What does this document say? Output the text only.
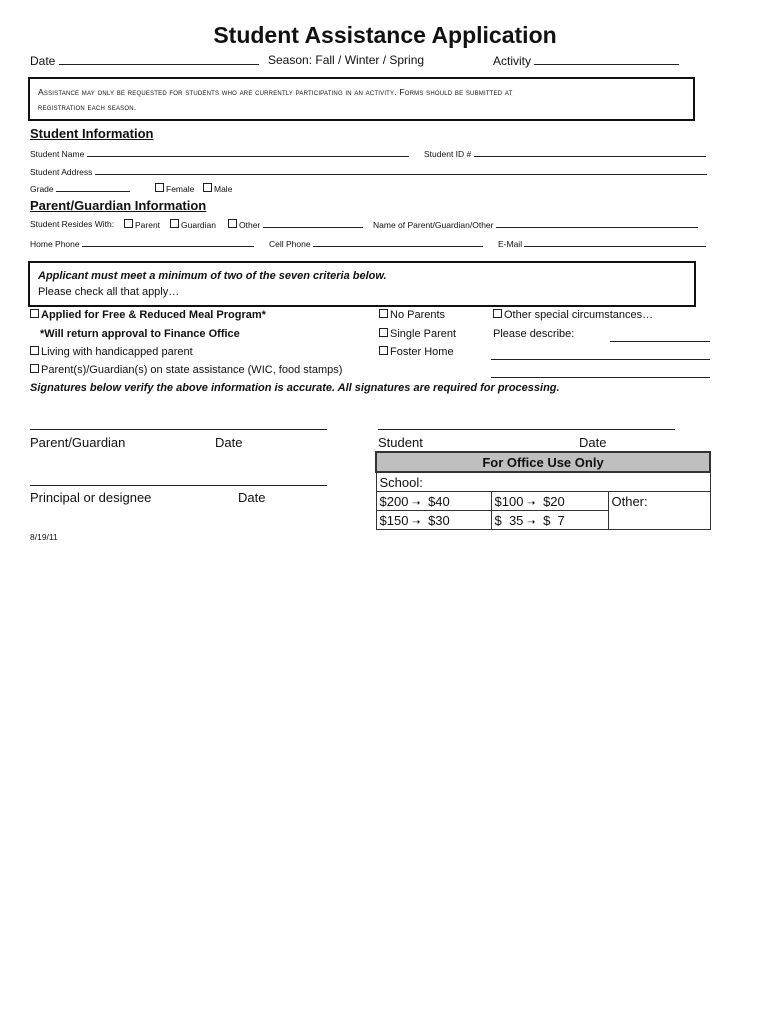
Student Assistance Application
Date	Season: Fall / Winter / Spring	Activity
Assistance may only be requested for students who are currently participating in an activity. Forms should be submitted at
registration each season.
Student Information
Student Name	Student ID #
Student Address
Grade	Female	Male
Parent/Guardian Information
Student Resides With:	Parent	Guardian	Other	Name of Parent/Guardian/Other
Home Phone	Cell Phone	E-Mail
Applicant must meet a minimum of two of the seven criteria below.
Please check all that apply…
Applied for Free & Reduced Meal Program*
*Will return approval to Finance Office
Living with handicapped parent
Parent(s)/Guardian(s) on state assistance (WIC, food stamps)
No Parents
Single Parent
Foster Home
Other special circumstances…
Please describe:
Signatures below verify the above information is accurate. All signatures are required for processing.
Parent/Guardian	Date	Student	Date
Principal or designee	Date
For Office Use Only		
School:		
$200 ➝ $40	$100 ➝ $20	Other:
$150 ➝ $30	$  35 ➝ $  7	
8/19/11
